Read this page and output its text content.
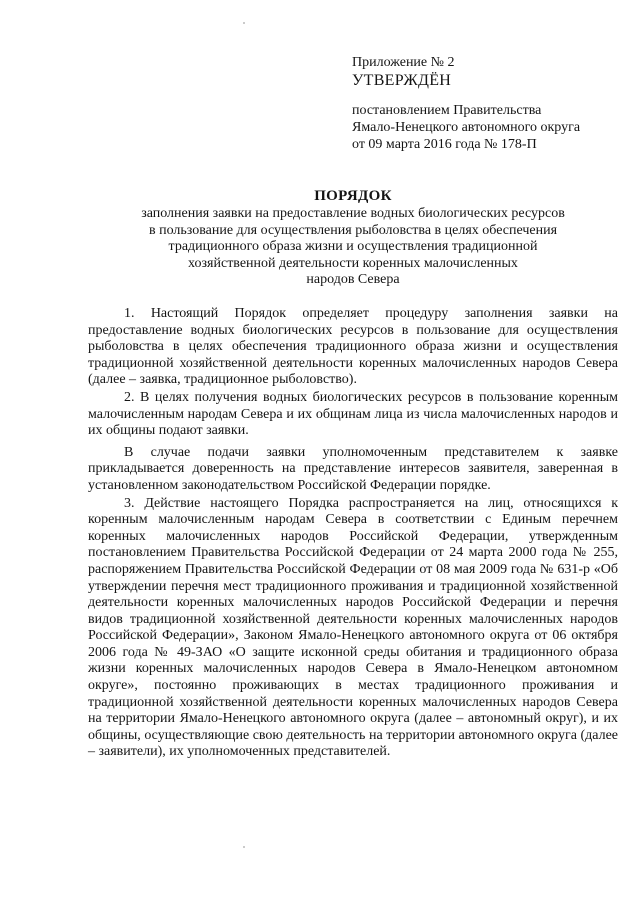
Приложение № 2
УТВЕРЖДЁН
постановлением Правительства
Ямало-Ненецкого автономного округа
от 09 марта 2016 года № 178-П
ПОРЯДОК
заполнения заявки на предоставление водных биологических ресурсов
в пользование для осуществления рыболовства в целях обеспечения
традиционного образа жизни и осуществления традиционной
хозяйственной деятельности коренных малочисленных
народов Севера

1. Настоящий Порядок определяет процедуру заполнения заявки на предоставление водных биологических ресурсов в пользование для осуществления рыболовства в целях обеспечения традиционного образа жизни и осуществления традиционной хозяйственной деятельности коренных малочисленных народов Севера (далее – заявка, традиционное рыболовство).

2. В целях получения водных биологических ресурсов в пользование коренным малочисленным народам Севера и их общинам лица из числа малочисленных народов и их общины подают заявки.

В случае подачи заявки уполномоченным представителем к заявке прикладывается доверенность на представление интересов заявителя, заверенная в установленном законодательством Российской Федерации порядке.

3. Действие настоящего Порядка распространяется на лиц, относящихся к коренным малочисленным народам Севера в соответствии с Единым перечнем коренных малочисленных народов Российской Федерации, утвержденным постановлением Правительства Российской Федерации от 24 марта 2000 года № 255, распоряжением Правительства Российской Федерации от 08 мая 2009 года № 631-р «Об утверждении перечня мест традиционного проживания и традиционной хозяйственной деятельности коренных малочисленных народов Российской Федерации и перечня видов традиционной хозяйственной деятельности коренных малочисленных народов Российской Федерации», Законом Ямало-Ненецкого автономного округа от 06 октября 2006 года № 49-ЗАО «О защите исконной среды обитания и традиционного образа жизни коренных малочисленных народов Севера в Ямало-Ненецком автономном округе», постоянно проживающих в местах традиционного проживания и традиционной хозяйственной деятельности коренных малочисленных народов Севера на территории Ямало-Ненецкого автономного округа (далее – автономный округ), и их общины, осуществляющие свою деятельность на территории автономного округа (далее – заявители), их уполномоченных представителей.
